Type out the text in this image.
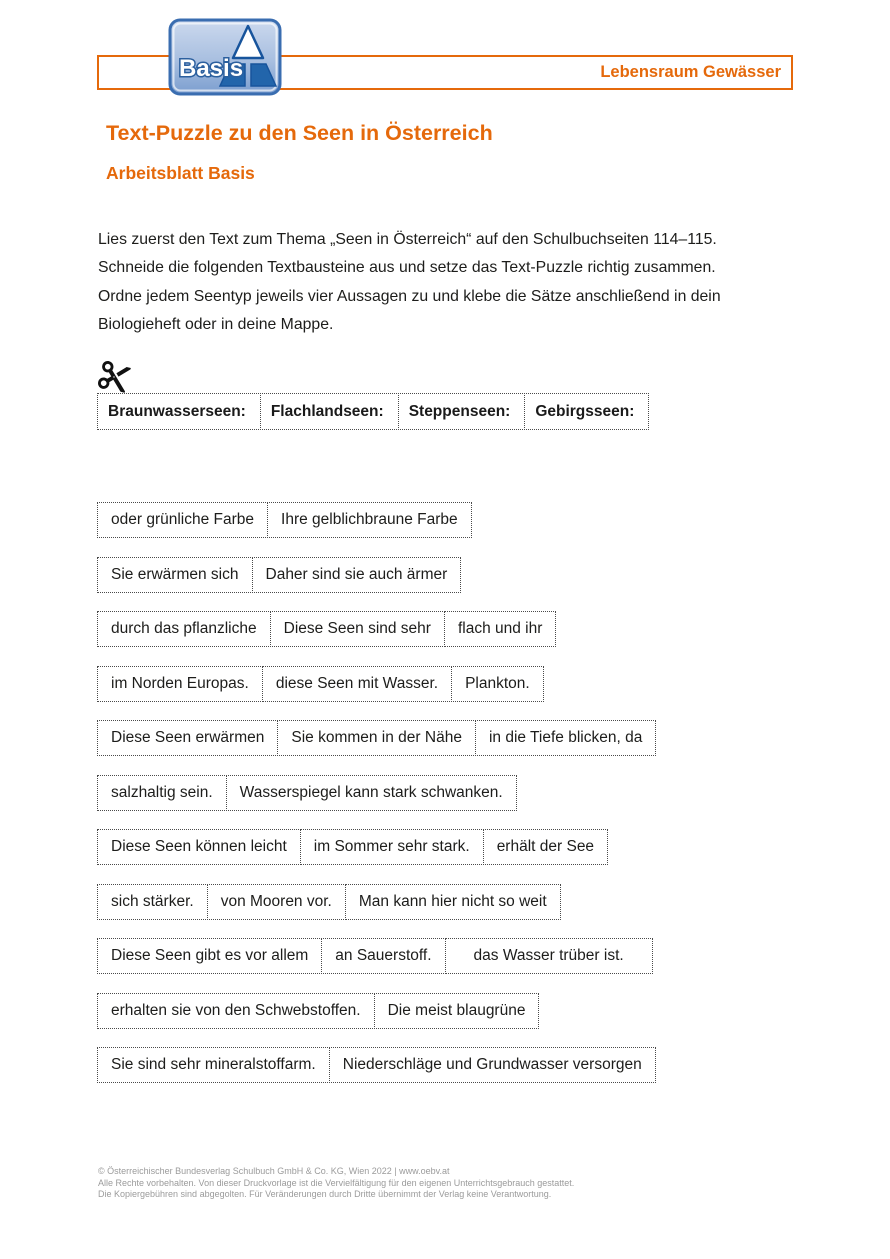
Lebensraum Gewässer
Basis
Text-Puzzle zu den Seen in Österreich
Arbeitsblatt Basis
Lies zuerst den Text zum Thema „Seen in Österreich“ auf den Schulbuchseiten 114–115.
Schneide die folgenden Textbausteine aus und setze das Text-Puzzle richtig zusammen.
Ordne jedem Seentyp jeweils vier Aussagen zu und klebe die Sätze anschließend in dein
Biologieheft oder in deine Mappe.
Braunwasserseen:	Flachlandseen:	Steppenseen:	Gebirgsseen:
oder grünliche Farbe	Ihre gelblichbraune Farbe
Sie erwärmen sich	Daher sind sie auch ärmer
durch das pflanzliche	Diese Seen sind sehr	flach und ihr
im Norden Europas.	diese Seen mit Wasser.	Plankton.
Diese Seen erwärmen	Sie kommen in der Nähe	in die Tiefe blicken, da
salzhaltig sein.	Wasserspiegel kann stark schwanken.
Diese Seen können leicht	im Sommer sehr stark.	erhält der See
sich stärker.	von Mooren vor.	Man kann hier nicht so weit
Diese Seen gibt es vor allem	an Sauerstoff.	das Wasser trüber ist.
erhalten sie von den Schwebstoffen.	Die meist blaugrüne
Sie sind sehr mineralstoffarm.	Niederschläge und Grundwasser versorgen
© Österreichischer Bundesverlag Schulbuch GmbH & Co. KG, Wien 2022 | www.oebv.at
Alle Rechte vorbehalten. Von dieser Druckvorlage ist die Vervielfältigung für den eigenen Unterrichtsgebrauch gestattet.
Die Kopiergebühren sind abgegolten. Für Veränderungen durch Dritte übernimmt der Verlag keine Verantwortung.
